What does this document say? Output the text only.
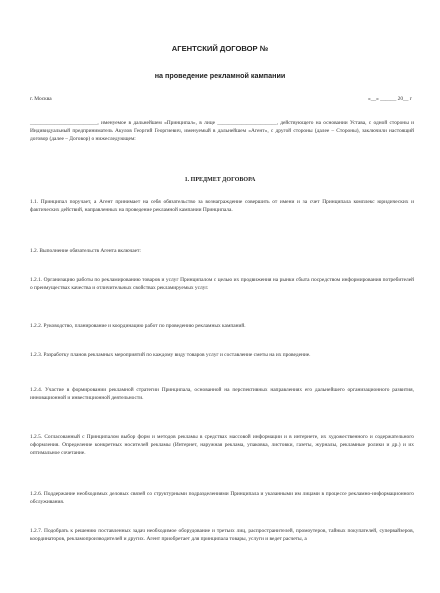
АГЕНТСКИЙ ДОГОВОР №
на проведение рекламной кампании
г. Москва	«__» ______ 20__ г
_________________________, именуемое в дальнейшем «Принципал», в лице ______________________, действующего на основании Устава, с одной стороны и Индивидуальный предприниматель Акулов Георгий Георгиевич, именуемый в дальнейшем «Агент», с другой стороны (далее – Стороны), заключили настоящий договор (далее – Договор) о нижеследующем:
1. ПРЕДМЕТ ДОГОВОРА
1.1. Принципал поручает, а Агент принимает на себя обязательство за вознаграждение совершить от имени и за счет Принципала комплекс юридических и фактических действий, направленных на проведение рекламной кампании Принципала.
1.2. Выполнение обязательств Агента включает:
1.2.1. Организацию работы по рекламированию товаров и услуг Принципалом с целью их продвижения на рынки сбыта посредством информирования потребителей о преимуществах качества и отличительных свойствах рекламируемых услуг.
1.2.2. Руководство, планирование и координацию работ по проведению рекламных кампаний.
1.2.3. Разработку планов рекламных мероприятий по каждому виду товаров услуг и составление сметы на их проведение.
1.2.4. Участие в формировании рекламной стратегии Принципала, основанной на перспективных направлениях его дальнейшего организационного развития, инновационной и инвестиционной деятельности.
1.2.5. Согласованный с Принципалом выбор форм и методов рекламы в средствах массовой информации и в интернете, их художественного и содержательного оформления. Определение конкретных носителей рекламы (Интернет, наружная реклама, упаковка, листовки, газеты, журналы, рекламные ролики и др.) и их оптимальное сочетание.
1.2.6. Поддержание необходимых деловых связей со структурными подразделениями Принципала и указанными им лицами в процессе рекламно-информационного обслуживания.
1.2.7. Подобрать к решению поставленных задач необходимое оборудование и третьих лиц, распространителей, промоутеров, тайных покупателей, супервайзеров, координаторов, рекламопроизводителей и других. Агент приобретает для принципала товары, услуги и ведет расчеты, а
